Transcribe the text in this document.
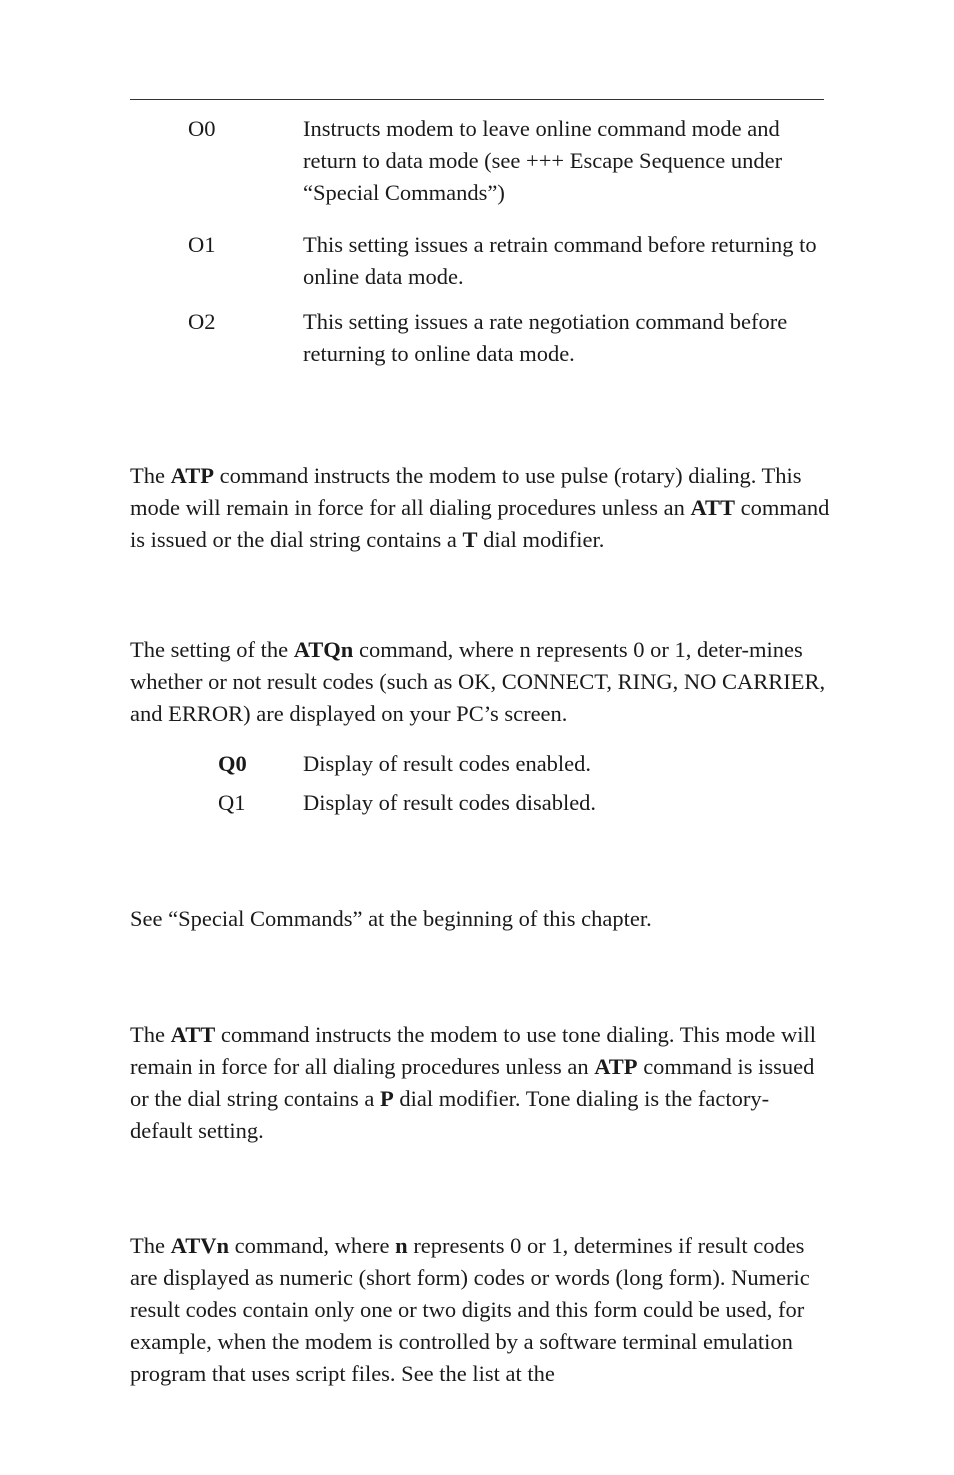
O0	Instructs modem to leave online command mode and return to data mode (see +++ Escape Sequence under “Special Commands”)
O1	This setting issues a retrain command before returning to online data mode.
O2	This setting issues a rate negotiation command before returning to online data mode.
The ATP command instructs the modem to use pulse (rotary) dialing. This mode will remain in force for all dialing procedures unless an ATT command is issued or the dial string contains a T dial modifier.
The setting of the ATQn command, where n represents 0 or 1, deter-mines whether or not result codes (such as OK, CONNECT, RING, NO CARRIER, and ERROR) are displayed on your PC’s screen.
Q0 Display of result codes enabled.
Q1	Display of result codes disabled.
See “Special Commands” at the beginning of this chapter.
The ATT command instructs the modem to use tone dialing. This mode will remain in force for all dialing procedures unless an ATP command is issued or the dial string contains a P dial modifier. Tone dialing is the factory-default setting.
The ATVn command, where n represents 0 or 1, determines if result codes are displayed as numeric (short form) codes or words (long form). Numeric result codes contain only one or two digits and this form could be used, for example, when the modem is controlled by a software terminal emulation program that uses script files. See the list at the
